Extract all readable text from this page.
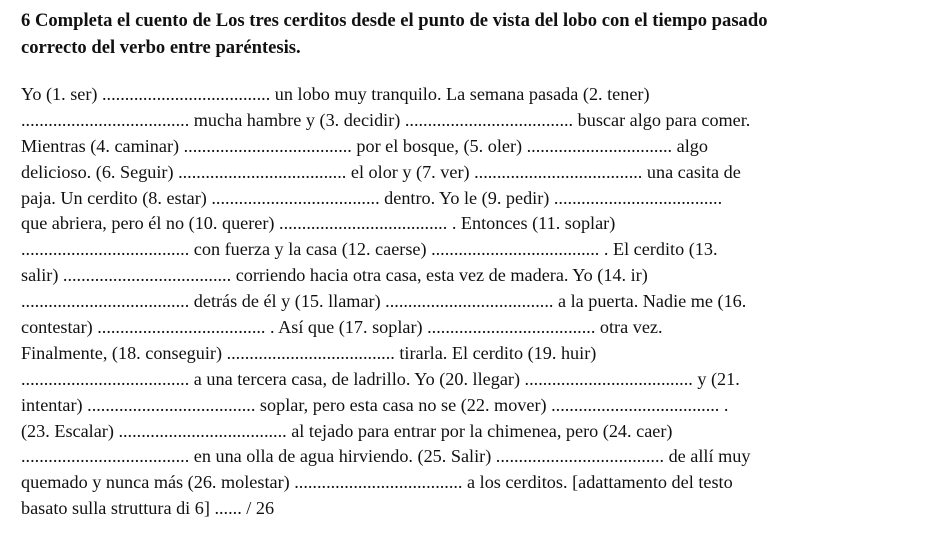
6 Completa el cuento de Los tres cerditos desde el punto de vista del lobo con el tiempo pasado
correcto del verbo entre paréntesis.
Yo (1. ser) ..................................... un lobo muy tranquilo. La semana pasada (2. tener)
..................................... mucha hambre y (3. decidir) ..................................... buscar algo para comer.
Mientras (4. caminar) ..................................... por el bosque, (5. oler) ................................ algo
delicioso. (6. Seguir) ..................................... el olor y (7. ver) ..................................... una casita de
paja. Un cerdito (8. estar) ..................................... dentro. Yo le (9. pedir) .....................................
que abriera, pero él no (10. querer) ..................................... . Entonces (11. soplar)
..................................... con fuerza y la casa (12. caerse) ..................................... . El cerdito (13.
salir) ..................................... corriendo hacia otra casa, esta vez de madera. Yo (14. ir)
..................................... detrás de él y (15. llamar) ..................................... a la puerta. Nadie me (16.
contestar) ..................................... . Así que (17. soplar) ..................................... otra vez.
Finalmente, (18. conseguir) ..................................... tirarla. El cerdito (19. huir)
..................................... a una tercera casa, de ladrillo. Yo (20. llegar) ..................................... y (21.
intentar) ..................................... soplar, pero esta casa no se (22. mover) ..................................... .
(23. Escalar) ..................................... al tejado para entrar por la chimenea, pero (24. caer)
..................................... en una olla de agua hirviendo. (25. Salir) ..................................... de allí muy
quemado y nunca más (26. molestar) ..................................... a los cerditos. [adattamento del testo
basato sulla struttura di 6] ...... / 26
